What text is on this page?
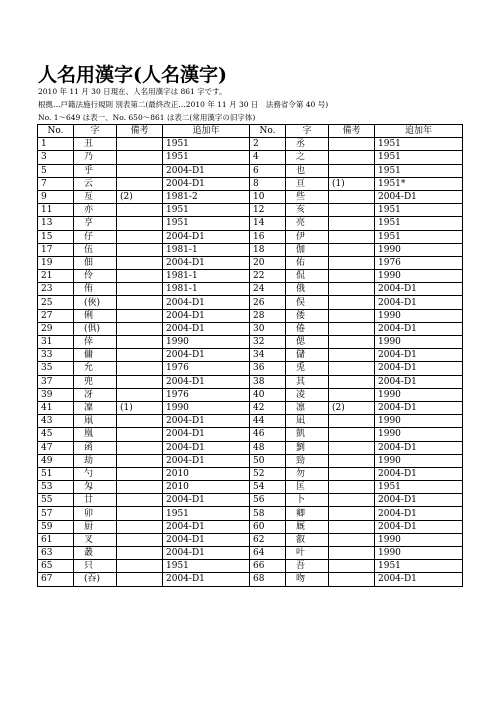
人名用漢字(人名漢字)
2010 年 11 月 30 日現在、人名用漢字は 861 字です。
根拠…戸籍法施行規則 別表第二(最終改正…2010 年 11 月 30 日　法務省令第 40 号)
No. 1～649 は表一、No. 650～861 は表二(常用漢字の旧字体)
No.	字	備考	追加年	No.	字	備考	追加年
1	丑		1951	2	丞		1951
3	乃		1951	4	之		1951
5	乎		2004-D1	6	也		1951
7	云		2004-D1	8	亘	(1)	1951*
9	亙	(2)	1981-2	10	些		2004-D1
11	亦		1951	12	亥		1951
13	亨		1951	14	亮		1951
15	仔		2004-D1	16	伊		1951
17	伍		1981-1	18	伽		1990
19	佃		2004-D1	20	佑		1976
21	伶		1981-1	22	侃		1990
23	侑		1981-1	24	俄		2004-D1
25	(俠)		2004-D1	26	俣		2004-D1
27	俐		2004-D1	28	倭		1990
29	(俱)		2004-D1	30	倦		2004-D1
31	倖		1990	32	偲		1990
33	傭		2004-D1	34	儲		2004-D1
35	允		1976	36	兎		2004-D1
37	兜		2004-D1	38	其		2004-D1
39	冴		1976	40	凌		1990
41	凜	(1)	1990	42	凛	(2)	2004-D1
43	凧		2004-D1	44	凪		1990
45	凰		2004-D1	46	凱		1990
47	函		2004-D1	48	劉		2004-D1
49	劫		2004-D1	50	勁		1990
51	勺		2010	52	勿		2004-D1
53	匁		2010	54	匡		1951
55	廿		2004-D1	56	卜		2004-D1
57	卯		1951	58	卿		2004-D1
59	厨		2004-D1	60	厩		2004-D1
61	叉		2004-D1	62	叡		1990
63	叢		2004-D1	64	叶		1990
65	只		1951	66	吾		1951
67	(吞)		2004-D1	68	吻		2004-D1
